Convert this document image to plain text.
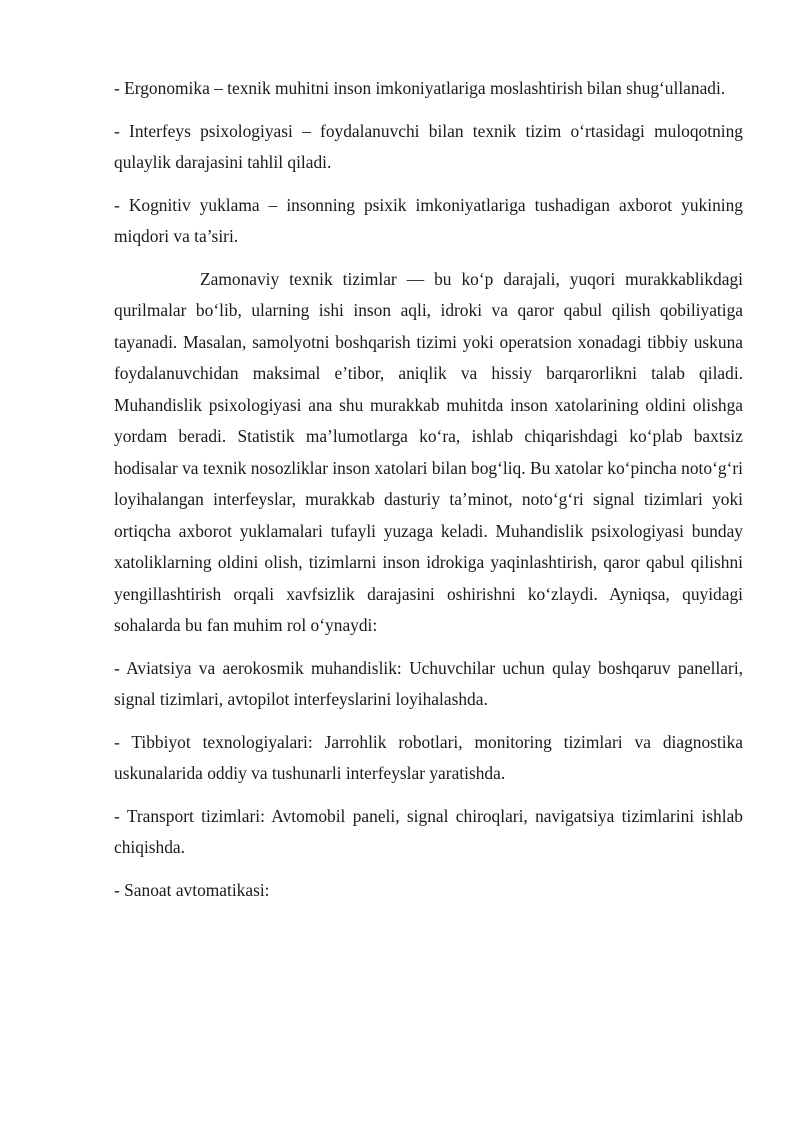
- Ergonomika – texnik muhitni inson imkoniyatlariga moslashtirish bilan shug‘ullanadi.

- Interfeys psixologiyasi – foydalanuvchi bilan texnik tizim o‘rtasidagi muloqotning qulaylik darajasini tahlil qiladi.

- Kognitiv yuklama – insonning psixik imkoniyatlariga tushadigan axborot yukining miqdori va ta’siri.

Zamonaviy texnik tizimlar — bu ko‘p darajali, yuqori murakkablikdagi qurilmalar bo‘lib, ularning ishi inson aqli, idroki va qaror qabul qilish qobiliyatiga tayanadi. Masalan, samolyotni boshqarish tizimi yoki operatsion xonadagi tibbiy uskuna foydalanuvchidan maksimal e’tibor, aniqlik va hissiy barqarorlikni talab qiladi. Muhandislik psixologiyasi ana shu murakkab muhitda inson xatolarining oldini olishga yordam beradi. Statistik ma’lumotlarga ko‘ra, ishlab chiqarishdagi ko‘plab baxtsiz hodisalar va texnik nosozliklar inson xatolari bilan bog‘liq. Bu xatolar ko‘pincha noto‘g‘ri loyihalangan interfeyslar, murakkab dasturiy ta’minot, noto‘g‘ri signal tizimlari yoki ortiqcha axborot yuklamalari tufayli yuzaga keladi. Muhandislik psixologiyasi bunday xatoliklarning oldini olish, tizimlarni inson idrokiga yaqinlashtirish, qaror qabul qilishni yengillashtirish orqali xavfsizlik darajasini oshirishni ko‘zlaydi. Ayniqsa, quyidagi sohalarda bu fan muhim rol o‘ynaydi:

- Aviatsiya va aerokosmik muhandislik: Uchuvchilar uchun qulay boshqaruv panellari, signal tizimlari, avtopilot interfeyslarini loyihalashda.

- Tibbiyot texnologiyalari: Jarrohlik robotlari, monitoring tizimlari va diagnostika uskunalarida oddiy va tushunarli interfeyslar yaratishda.

- Transport tizimlari: Avtomobil paneli, signal chiroqlari, navigatsiya tizimlarini ishlab chiqishda.

- Sanoat avtomatikasi:
